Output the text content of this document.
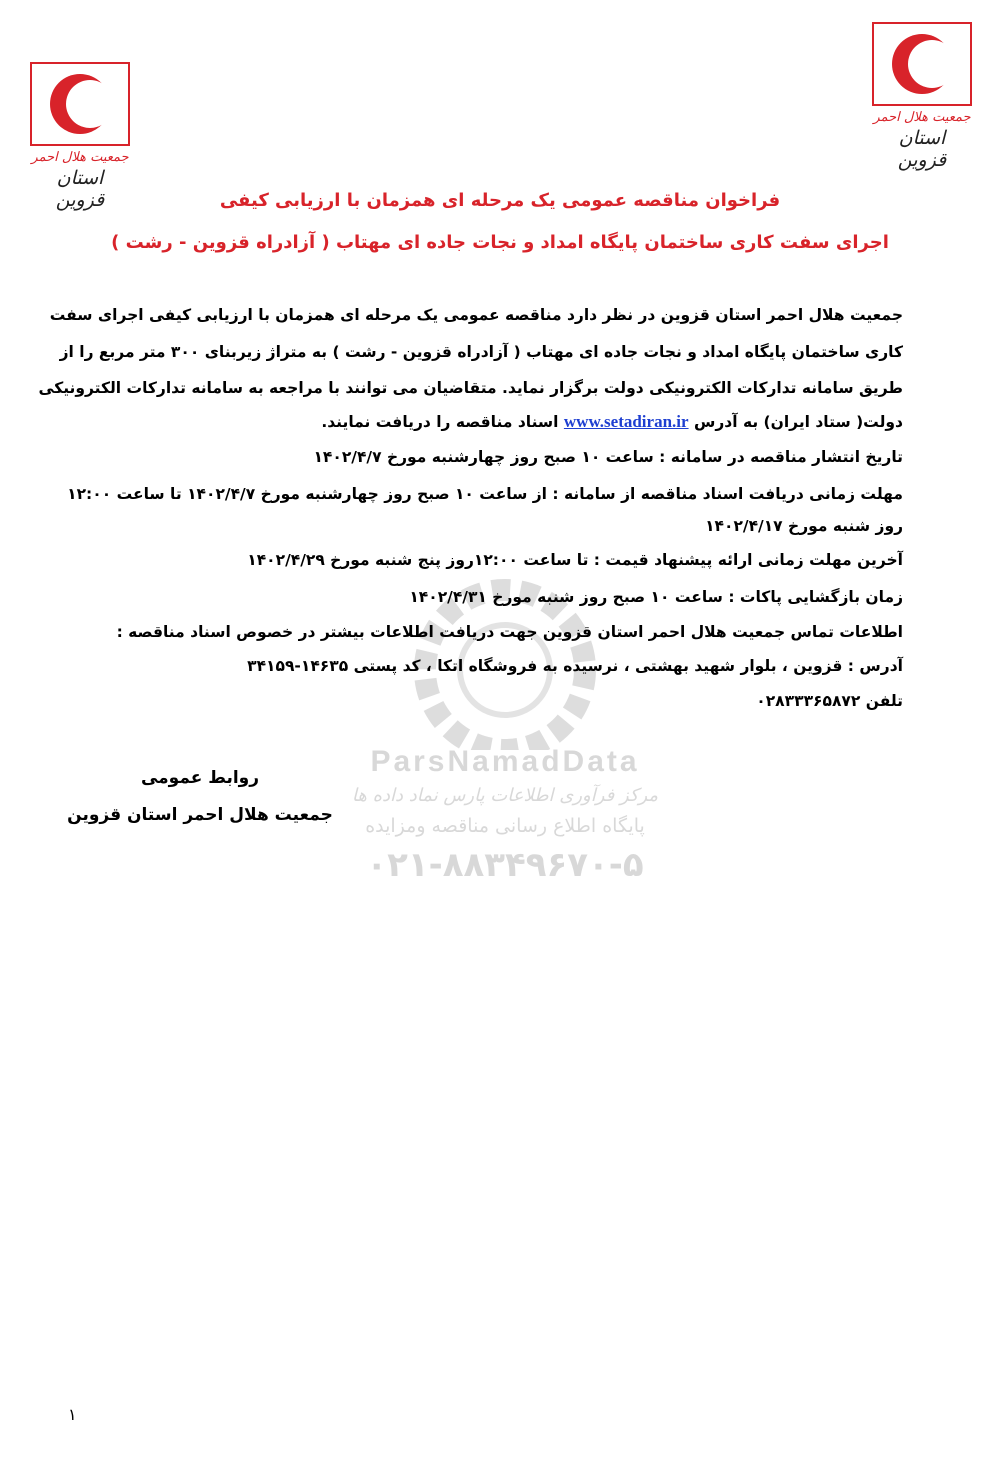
جمعیت هلال احمر
استان قزوین
جمعیت هلال احمر
استان قزوین
ParsNamadData
مرکز فرآوری اطلاعات پارس نماد داده ها
پایگاه اطلاع رسانی مناقصه ومزایده
۰۲۱-۸۸۳۴۹۶۷۰-۵
فراخوان مناقصه عمومی یک مرحله ای همزمان با ارزیابی کیفی
اجرای سفت کاری ساختمان پایگاه امداد و نجات جاده ای مهتاب ( آزادراه قزوین - رشت )
جمعیت هلال احمر استان قزوین در نظر دارد مناقصه عمومی یک مرحله ای همزمان با ارزیابی کیفی اجرای سفت
کاری ساختمان پایگاه امداد و نجات جاده ای مهتاب ( آزادراه قزوین - رشت ) به متراژ زیربنای ۳۰۰ متر مربع را از
طریق سامانه تدارکات الکترونیکی دولت برگزار نماید. متقاضیان می توانند با مراجعه به سامانه تدارکات الکترونیکی
دولت( ستاد ایران) به آدرس www.setadiran.ir اسناد مناقصه را دریافت نمایند.
تاریخ انتشار مناقصه در سامانه : ساعت ۱۰ صبح روز چهارشنبه مورخ ۱۴۰۲/۴/۷
مهلت زمانی دریافت اسناد مناقصه از سامانه : از ساعت ۱۰ صبح روز چهارشنبه مورخ ۱۴۰۲/۴/۷ تا ساعت ۱۲:۰۰
روز شنبه مورخ ۱۴۰۲/۴/۱۷
آخرین مهلت زمانی ارائه پیشنهاد قیمت : تا ساعت ۱۲:۰۰روز پنج شنبه مورخ ۱۴۰۲/۴/۲۹
زمان بازگشایی پاکات : ساعت ۱۰ صبح روز شنبه مورخ ۱۴۰۲/۴/۳۱
اطلاعات تماس جمعیت هلال احمر استان قزوین جهت دریافت اطلاعات بیشتر در خصوص اسناد مناقصه :
آدرس : قزوین ، بلوار شهید بهشتی ، نرسیده به فروشگاه اتکا ، کد پستی ۱۴۶۳۵-۳۴۱۵۹
تلفن ۰۲۸۳۳۳۶۵۸۷۲
روابط عمومی
جمعیت هلال احمر استان قزوین
۱
